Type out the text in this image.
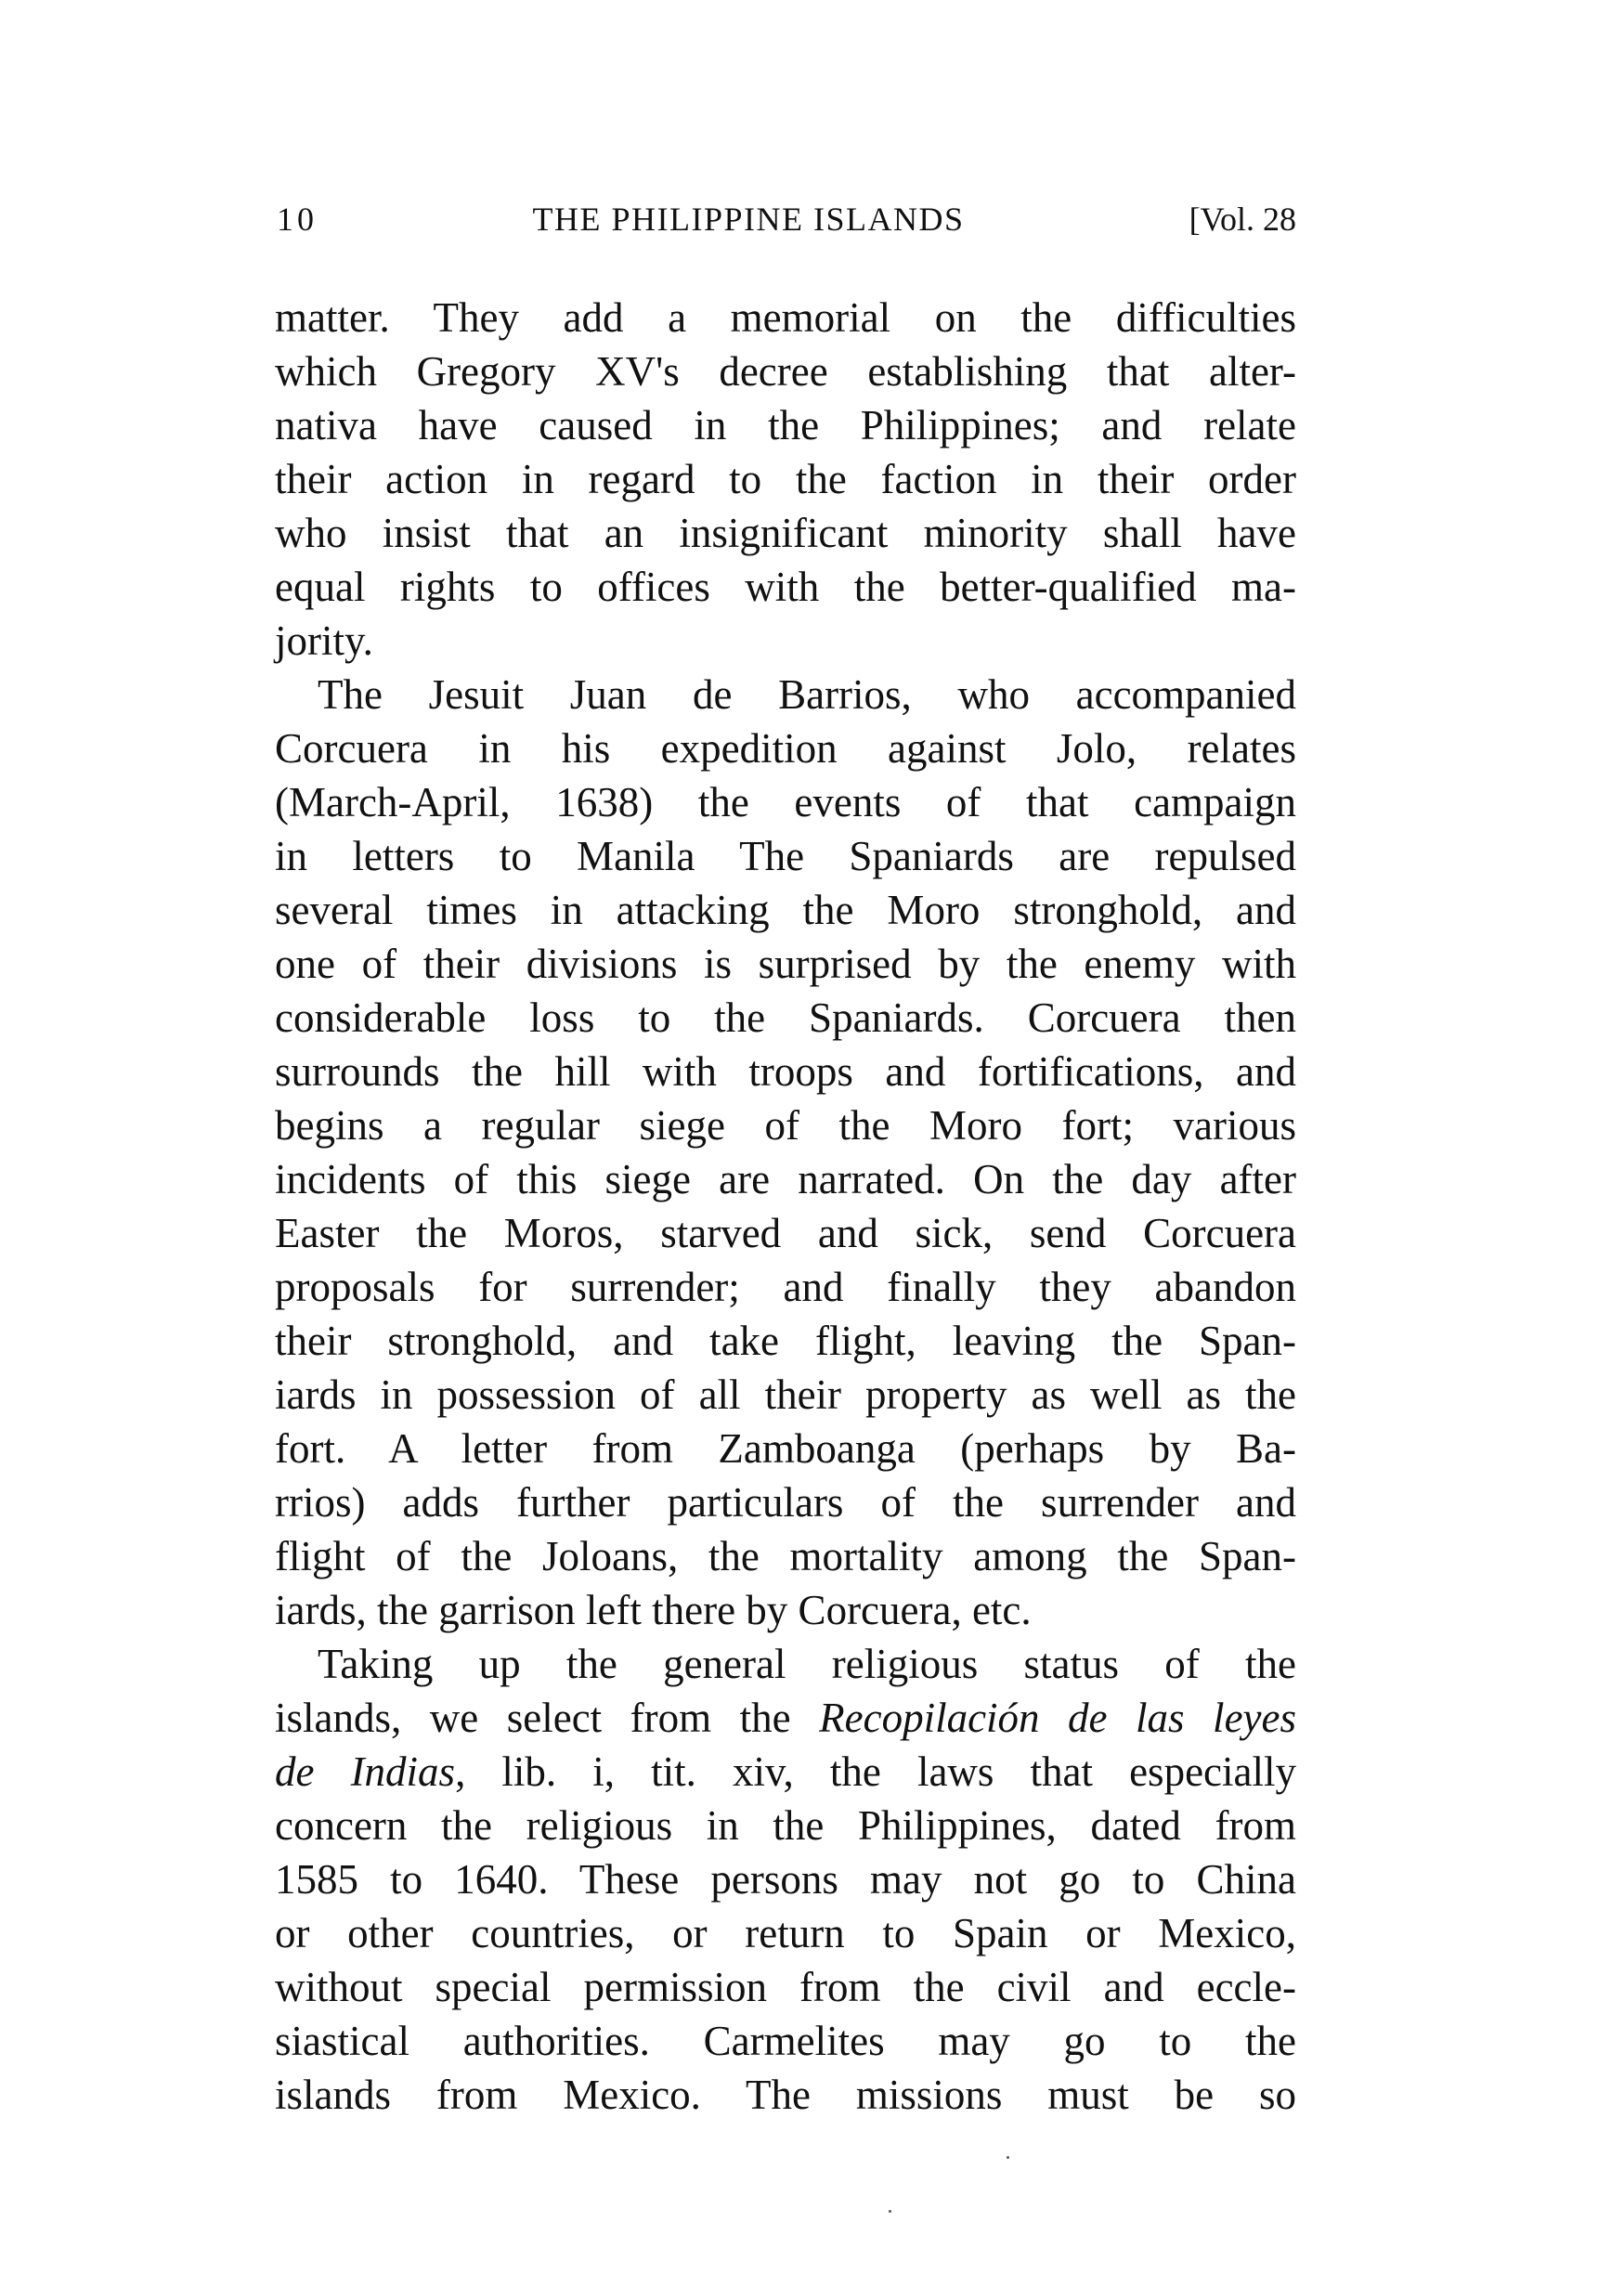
10	THE PHILIPPINE ISLANDS	[Vol. 28
matter. They add a memorial on the difficulties
which Gregory XV's decree establishing that alter-
nativa have caused in the Philippines; and relate
their action in regard to the faction in their order
who insist that an insignificant minority shall have
equal rights to offices with the better-qualified ma-
jority.
The Jesuit Juan de Barrios, who accompanied
Corcuera in his expedition against Jolo, relates
(March-April, 1638) the events of that campaign
in letters to Manila The Spaniards are repulsed
several times in attacking the Moro stronghold, and
one of their divisions is surprised by the enemy with
considerable loss to the Spaniards. Corcuera then
surrounds the hill with troops and fortifications, and
begins a regular siege of the Moro fort; various
incidents of this siege are narrated. On the day after
Easter the Moros, starved and sick, send Corcuera
proposals for surrender; and finally they abandon
their stronghold, and take flight, leaving the Span-
iards in possession of all their property as well as the
fort. A letter from Zamboanga (perhaps by Ba-
rrios) adds further particulars of the surrender and
flight of the Joloans, the mortality among the Span-
iards, the garrison left there by Corcuera, etc.
Taking up the general religious status of the
islands, we select from the Recopilación de las leyes
de Indias, lib. i, tit. xiv, the laws that especially
concern the religious in the Philippines, dated from
1585 to 1640. These persons may not go to China
or other countries, or return to Spain or Mexico,
without special permission from the civil and eccle-
siastical authorities. Carmelites may go to the
islands from Mexico. The missions must be so
